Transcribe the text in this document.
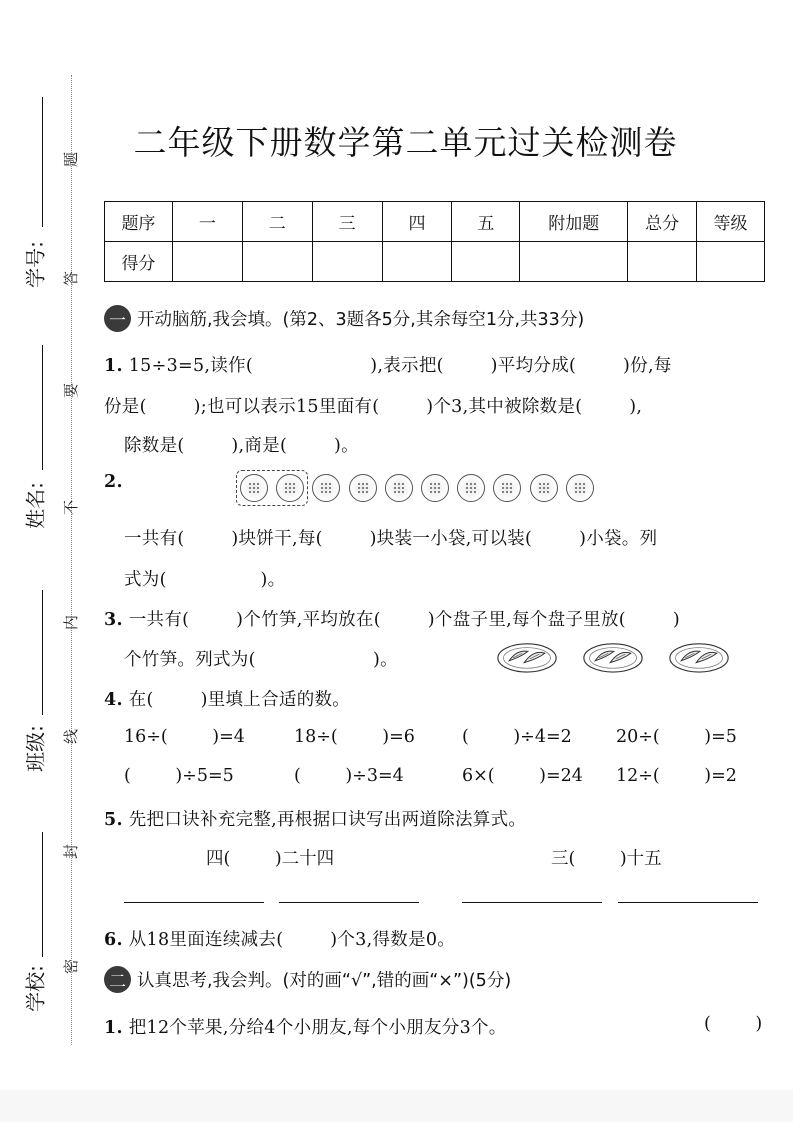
学号:
姓名:
班级:
学校:
题
答
要
不
内
线
封
密
二年级下册数学第二单元过关检测卷
题序	一	二	三	四	五	附加题	总分	等级
得分								
一 开动脑筋,我会填。(第2、3题各5分,其余每空1分,共33分)
1. 15÷3=5,读作(                    ),表示把(        )平均分成(        )份,每
份是(        );也可以表示15里面有(        )个3,其中被除数是(        ),
除数是(        ),商是(        )。
2.
一共有(        )块饼干,每(        )块装一小袋,可以装(        )小袋。列
式为(                )。
3. 一共有(        )个竹笋,平均放在(        )个盘子里,每个盘子里放(        )
个竹笋。列式为(                    )。
4. 在(        )里填上合适的数。
16÷(        )=4	18÷(        )=6	(        )÷4=2	20÷(        )=5
(        )÷5=5	(        )÷3=4	6×(        )=24 12÷(        )=2
5. 先把口诀补充完整,再根据口诀写出两道除法算式。
四(        )二十四	三(        )十五
6. 从18里面连续减去(        )个3,得数是0。
二 认真思考,我会判。(对的画“√”,错的画“×”)(5分)
1. 把12个苹果,分给4个小朋友,每个小朋友分3个。	(        )
